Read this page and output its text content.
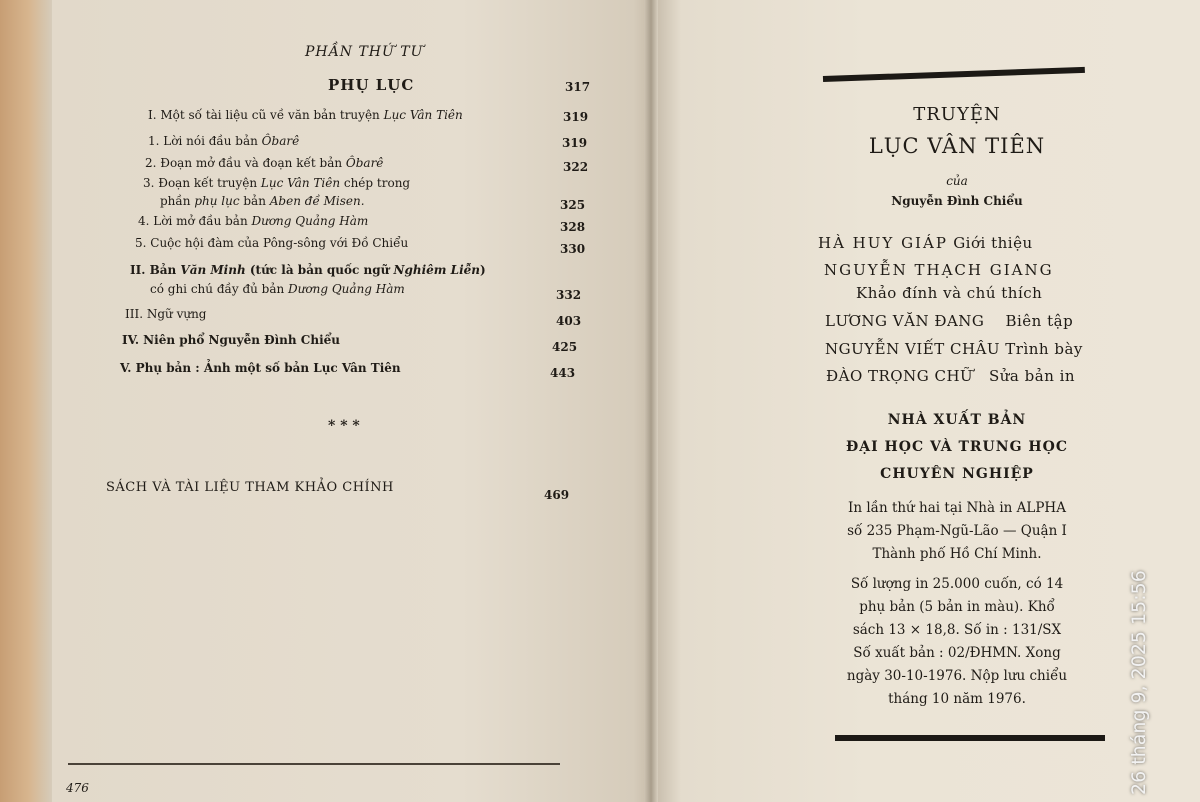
PHẦN THỨ TƯ
PHỤ LỤC	317
I. Một số tài liệu cũ về văn bản truyện Lục Vân Tiên	319
1. Lời nói đầu bản Ôbarê	319
2. Đoạn mở đầu và đoạn kết bản Ôbarê	322
3. Đoạn kết truyện Lục Vân Tiên chép trong
phần phụ lục bản Aben đề Misen.	325
4. Lời mở đầu bản Dương Quảng Hàm	328
5. Cuộc hội đàm của Pông-sông với Đồ Chiểu	330
II. Bản Văn Minh (tức là bản quốc ngữ Nghiêm Liễn)
có ghi chú đầy đủ bản Dương Quảng Hàm	332
III. Ngữ vựng	403
IV. Niên phổ Nguyễn Đình Chiểu	425
V. Phụ bản : Ảnh một số bản Lục Vân Tiên	443
* * *
SÁCH VÀ TÀI LIỆU THAM KHẢO CHÍNH	469
476
TRUYỆN
LỤC VÂN TIÊN
của
Nguyễn Đình Chiểu
HÀ HUY GIÁP Giới thiệu
NGUYỄN THẠCH GIANG
Khảo đính và chú thích
LƯƠNG VĂN ĐANG Biên tập
NGUYỄN VIẾT CHÂU Trình bày
ĐÀO TRỌNG CHỮ Sửa bản in
NHÀ XUẤT BẢN
ĐẠI HỌC VÀ TRUNG HỌC
CHUYÊN NGHIỆP
In lần thứ hai tại Nhà in ALPHA
số 235 Phạm-Ngũ-Lão — Quận I
Thành phố Hồ Chí Minh.
Số lượng in 25.000 cuốn, có 14
phụ bản (5 bản in màu). Khổ
sách 13 × 18,8. Số in : 131/SX
Số xuất bản : 02/ĐHMN. Xong
ngày 30-10-1976. Nộp lưu chiểu
tháng 10 năm 1976.	26 tháng 9, 2025 15:56
